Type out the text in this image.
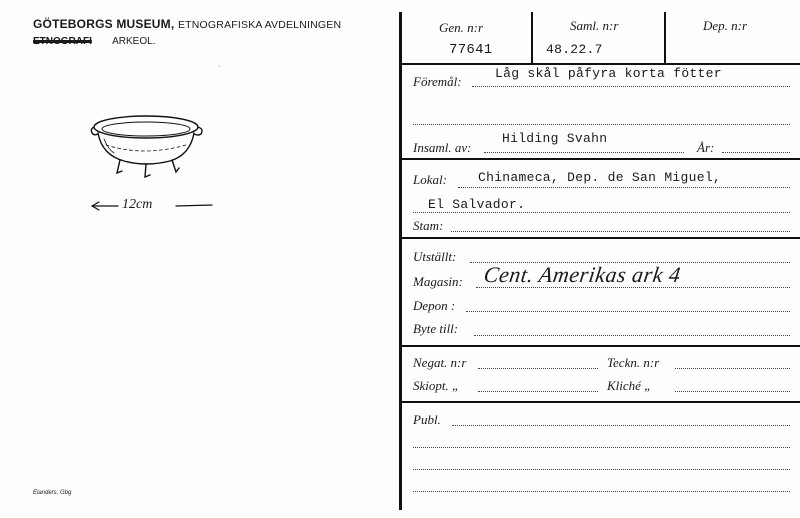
GÖTEBORGS MUSEUM, ETNOGRAFISKA AVDELNINGEN
ETNOGRAFI ARKEOL.
·
12cm
Elanders, Gbg
Gen. n:r
77641
Saml. n:r
48.22.7
Dep. n:r
Föremål:
Låg skål påfyra korta fötter
Insaml. av:
Hilding Svahn
År:
Lokal: Chinameca, Dep. de San Miguel,
El Salvador.
Stam:
Utställt:
Magasin: Cent. Amerikas ark 4
Depon :
Byte till:
Negat. n:r	Teckn. n:r
Skiopt. „	Kliché „
Publ.
